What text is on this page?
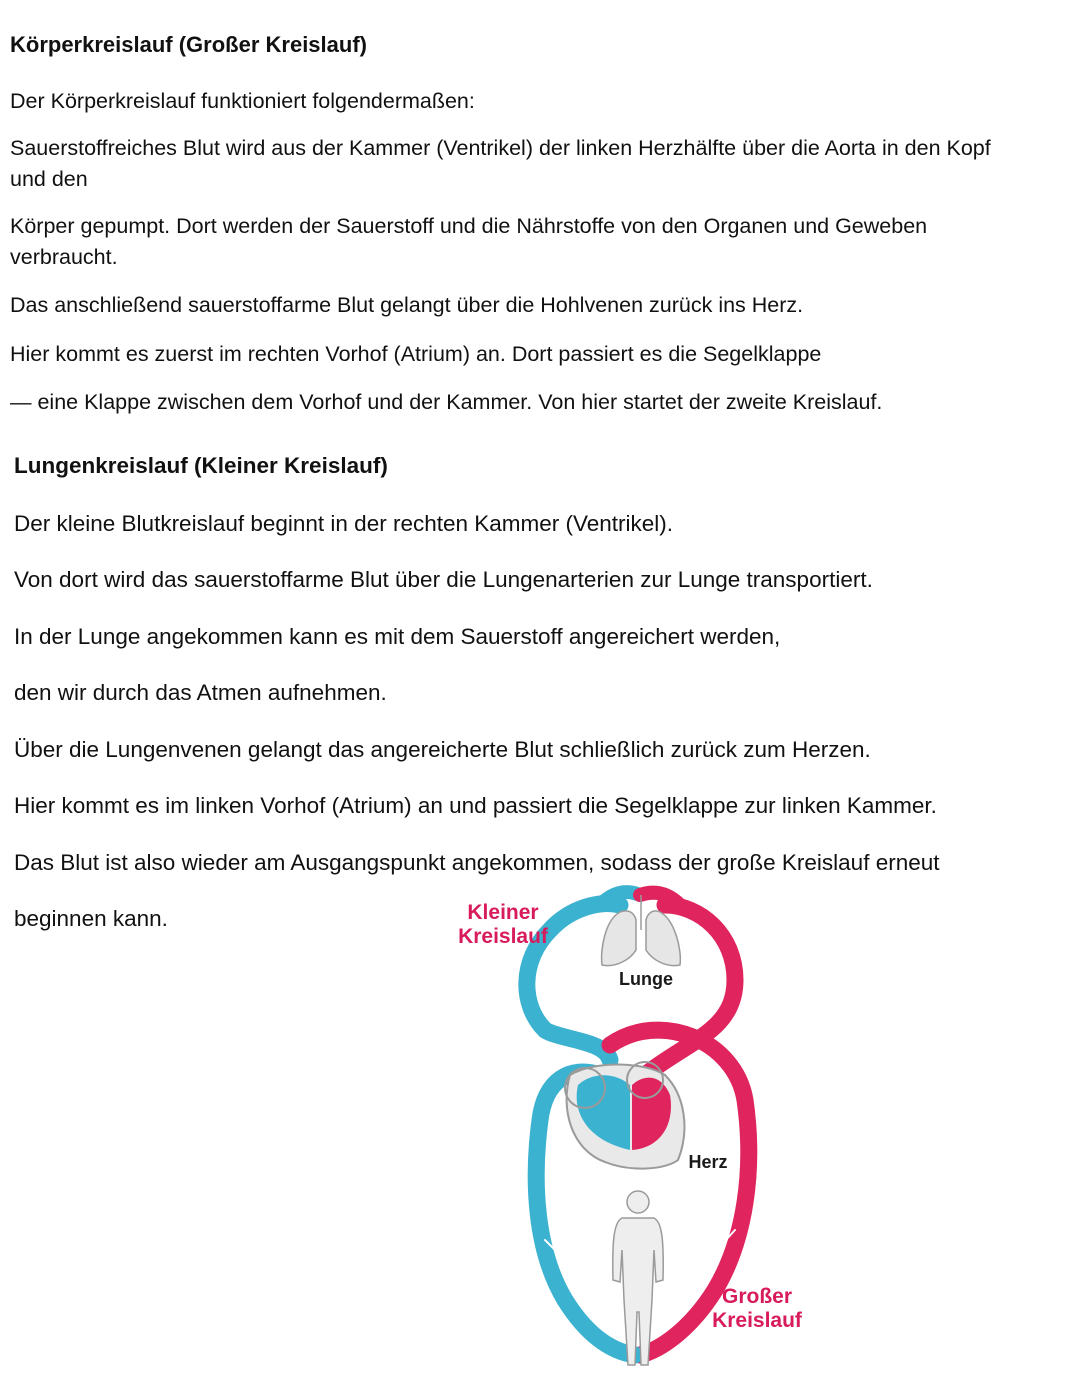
Körperkreislauf (Großer Kreislauf)

Der Körperkreislauf funktioniert folgendermaßen:

Sauerstoffreiches Blut wird aus der Kammer (Ventrikel) der linken Herzhälfte über die Aorta in den Kopf

und den

Körper gepumpt. Dort werden der Sauerstoff und die Nährstoffe von den Organen und Geweben

verbraucht.

Das anschließend sauerstoffarme Blut gelangt über die Hohlvenen zurück ins Herz.

Hier kommt es zuerst im rechten Vorhof (Atrium) an. Dort passiert es die Segelklappe

— eine Klappe zwischen dem Vorhof und der Kammer. Von hier startet der zweite Kreislauf.

Lungenkreislauf (Kleiner Kreislauf)

Der kleine Blutkreislauf beginnt in der rechten Kammer (Ventrikel).

Von dort wird das sauerstoffarme Blut über die Lungenarterien zur Lunge transportiert.

In der Lunge angekommen kann es mit dem Sauerstoff angereichert werden,

den wir durch das Atmen aufnehmen.

Über die Lungenvenen gelangt das angereicherte Blut schließlich zurück zum Herzen.

Hier kommt es im linken Vorhof (Atrium) an und passiert die Segelklappe zur linken Kammer.

Das Blut ist also wieder am Ausgangspunkt angekommen, sodass der große Kreislauf erneut

beginnen kann.	Kleiner
Kreislauf
Lunge
Herz
Großer
Kreislauf
